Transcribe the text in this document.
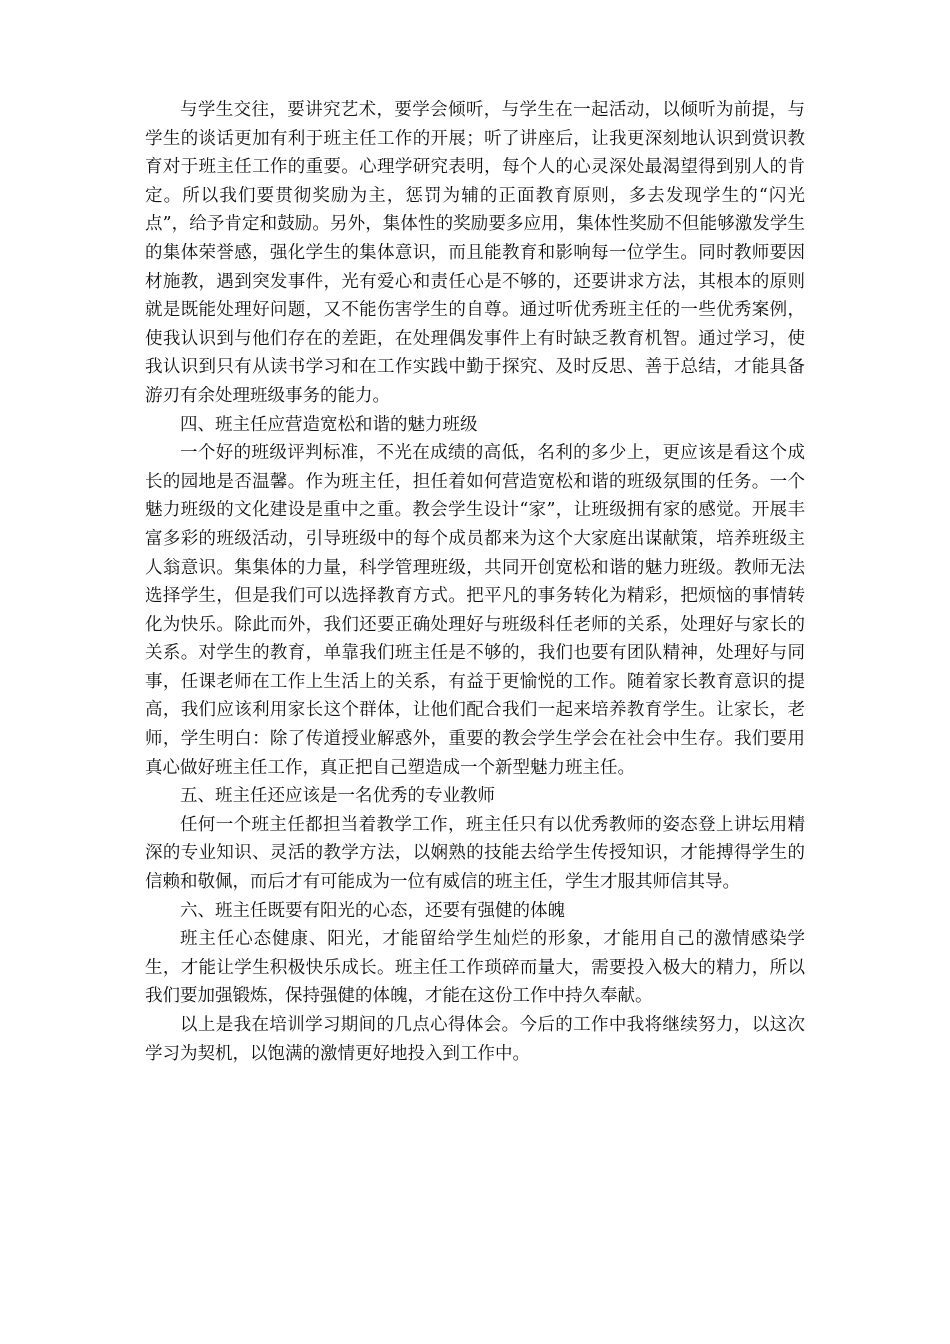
与学生交往，要讲究艺术，要学会倾听，与学生在一起活动，以倾听为前提，与学生的谈话更加有利于班主任工作的开展；听了讲座后，让我更深刻地认识到赏识教育对于班主任工作的重要。心理学研究表明，每个人的心灵深处最渴望得到别人的肯定。所以我们要贯彻奖励为主，惩罚为辅的正面教育原则，多去发现学生的“闪光点”，给予肯定和鼓励。另外，集体性的奖励要多应用，集体性奖励不但能够激发学生的集体荣誉感，强化学生的集体意识，而且能教育和影响每一位学生。同时教师要因材施教，遇到突发事件，光有爱心和责任心是不够的，还要讲求方法，其根本的原则就是既能处理好问题，又不能伤害学生的自尊。通过听优秀班主任的一些优秀案例，使我认识到与他们存在的差距，在处理偶发事件上有时缺乏教育机智。通过学习，使我认识到只有从读书学习和在工作实践中勤于探究、及时反思、善于总结，才能具备游刃有余处理班级事务的能力。

四、班主任应营造宽松和谐的魅力班级

一个好的班级评判标准，不光在成绩的高低，名利的多少上，更应该是看这个成长的园地是否温馨。作为班主任，担任着如何营造宽松和谐的班级氛围的任务。一个魅力班级的文化建设是重中之重。教会学生设计“家”，让班级拥有家的感觉。开展丰富多彩的班级活动，引导班级中的每个成员都来为这个大家庭出谋献策，培养班级主人翁意识。集集体的力量，科学管理班级，共同开创宽松和谐的魅力班级。教师无法选择学生，但是我们可以选择教育方式。把平凡的事务转化为精彩，把烦恼的事情转化为快乐。除此而外，我们还要正确处理好与班级科任老师的关系，处理好与家长的关系。对学生的教育，单靠我们班主任是不够的，我们也要有团队精神，处理好与同事，任课老师在工作上生活上的关系，有益于更愉悦的工作。随着家长教育意识的提高，我们应该利用家长这个群体，让他们配合我们一起来培养教育学生。让家长，老师，学生明白：除了传道授业解惑外，重要的教会学生学会在社会中生存。我们要用真心做好班主任工作，真正把自己塑造成一个新型魅力班主任。

五、班主任还应该是一名优秀的专业教师

任何一个班主任都担当着教学工作，班主任只有以优秀教师的姿态登上讲坛用精深的专业知识、灵活的教学方法，以娴熟的技能去给学生传授知识，才能搏得学生的信赖和敬佩，而后才有可能成为一位有威信的班主任，学生才服其师信其导。

六、班主任既要有阳光的心态，还要有强健的体魄

班主任心态健康、阳光，才能留给学生灿烂的形象，才能用自己的激情感染学生，才能让学生积极快乐成长。班主任工作琐碎而量大，需要投入极大的精力，所以我们要加强锻炼，保持强健的体魄，才能在这份工作中持久奉献。

以上是我在培训学习期间的几点心得体会。今后的工作中我将继续努力，以这次学习为契机，以饱满的激情更好地投入到工作中。
